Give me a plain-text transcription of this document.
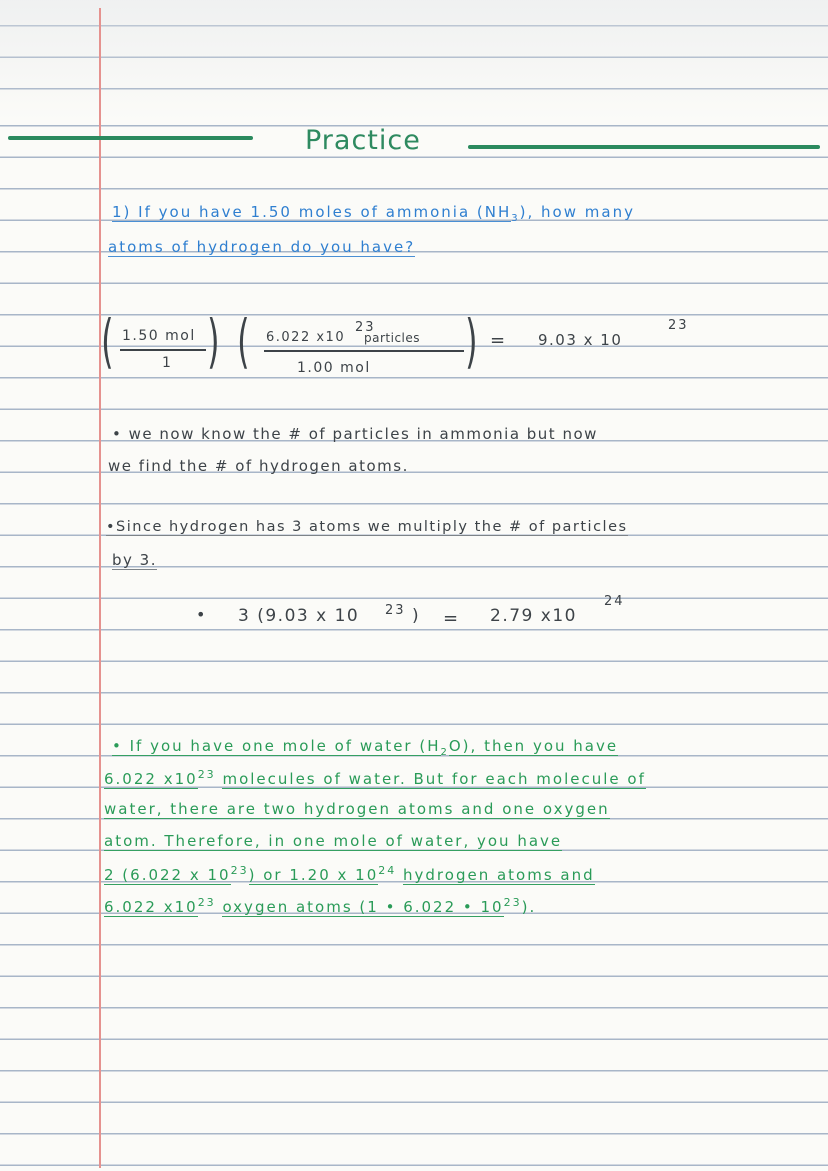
Practice
1) If you have 1.50 moles of ammonia $(NH_3)$, how many
atoms of hydrogen do you have?
( 1.50 mol
1 ) ( 6.022 x10
23
particles
1.00 mol ) = 9.03 x 10
23
• we now know the # of particles in ammonia but now
we find the # of hydrogen atoms.
•Since hydrogen has 3 atoms we multiply the # of particles
by 3.
• 3 (9.03 x 10 23 ) = 2.79 x10
24
• If you have one mole of water $(H_2O)$, then you have
6.022 $x10^{23}$ molecules of water. But for each molecule of
water, there are two hydrogen atoms and one oxygen
atom. Therefore, in one mole of water, you have
2 (6.022 x $10^{23}$) or 1.20 x $10^{24}$ hydrogen atoms and
6.022 $x10^{23}$ oxygen atoms (1 • 6.022 • $10^{23}$).
